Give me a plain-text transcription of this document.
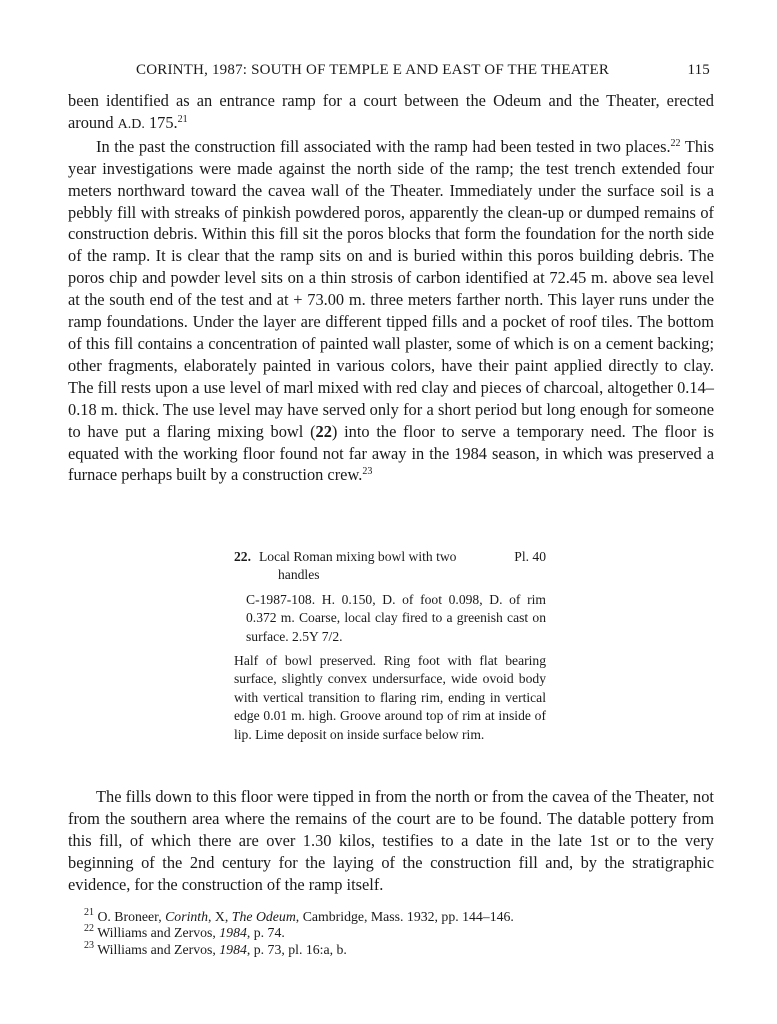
CORINTH, 1987: SOUTH OF TEMPLE E AND EAST OF THE THEATER	115

been identified as an entrance ramp for a court between the Odeum and the Theater, erected around A.D. 175.21

In the past the construction fill associated with the ramp had been tested in two places.$^{22}$ This year investigations were made against the north side of the ramp; the test trench extended four meters northward toward the cavea wall of the Theater. Immediately under the surface soil is a pebbly fill with streaks of pinkish powdered poros, apparently the clean-up or dumped remains of construction debris. Within this fill sit the poros blocks that form the foundation for the north side of the ramp. It is clear that the ramp sits on and is buried within this poros building debris. The poros chip and powder level sits on a thin strosis of carbon identified at 72.45 m. above sea level at the south end of the test and at + 73.00 m. three meters farther north. This layer runs under the ramp foundations. Under the layer are different tipped fills and a pocket of roof tiles. The bottom of this fill contains a concentration of painted wall plaster, some of which is on a cement backing; other fragments, elaborately painted in various colors, have their paint applied directly to clay. The fill rests upon a use level of marl mixed with red clay and pieces of charcoal, altogether 0.14–0.18 m. thick. The use level may have served only for a short period but long enough for someone to have put a flaring mixing bowl (22) into the floor to serve a temporary need. The floor is equated with the working floor found not far away in the 1984 season, in which was preserved a furnace perhaps built by a construction crew.$^{23}$

22. Local Roman mixing bowl with two	Pl. 40
handles

C-1987-108. H. 0.150, D. of foot 0.098, D. of rim 0.372 m. Coarse, local clay fired to a greenish cast on surface. 2.5Y 7/2.

Half of bowl preserved. Ring foot with flat bearing surface, slightly convex undersurface, wide ovoid body with vertical transition to flaring rim, ending in vertical edge 0.01 m. high. Groove around top of rim at inside of lip. Lime deposit on inside surface below rim.

The fills down to this floor were tipped in from the north or from the cavea of the Theater, not from the southern area where the remains of the court are to be found. The datable pottery from this fill, of which there are over 1.30 kilos, testifies to a date in the late 1st or to the very beginning of the 2nd century for the laying of the construction fill and, by the stratigraphic evidence, for the construction of the ramp itself.

$^{21}$ O. Broneer, Corinth, X, The Odeum, Cambridge, Mass. 1932, pp. 144–146.

$^{22}$ Williams and Zervos, 1984, p. 74.

$^{23}$ Williams and Zervos, 1984, p. 73, pl. 16:a, b.
